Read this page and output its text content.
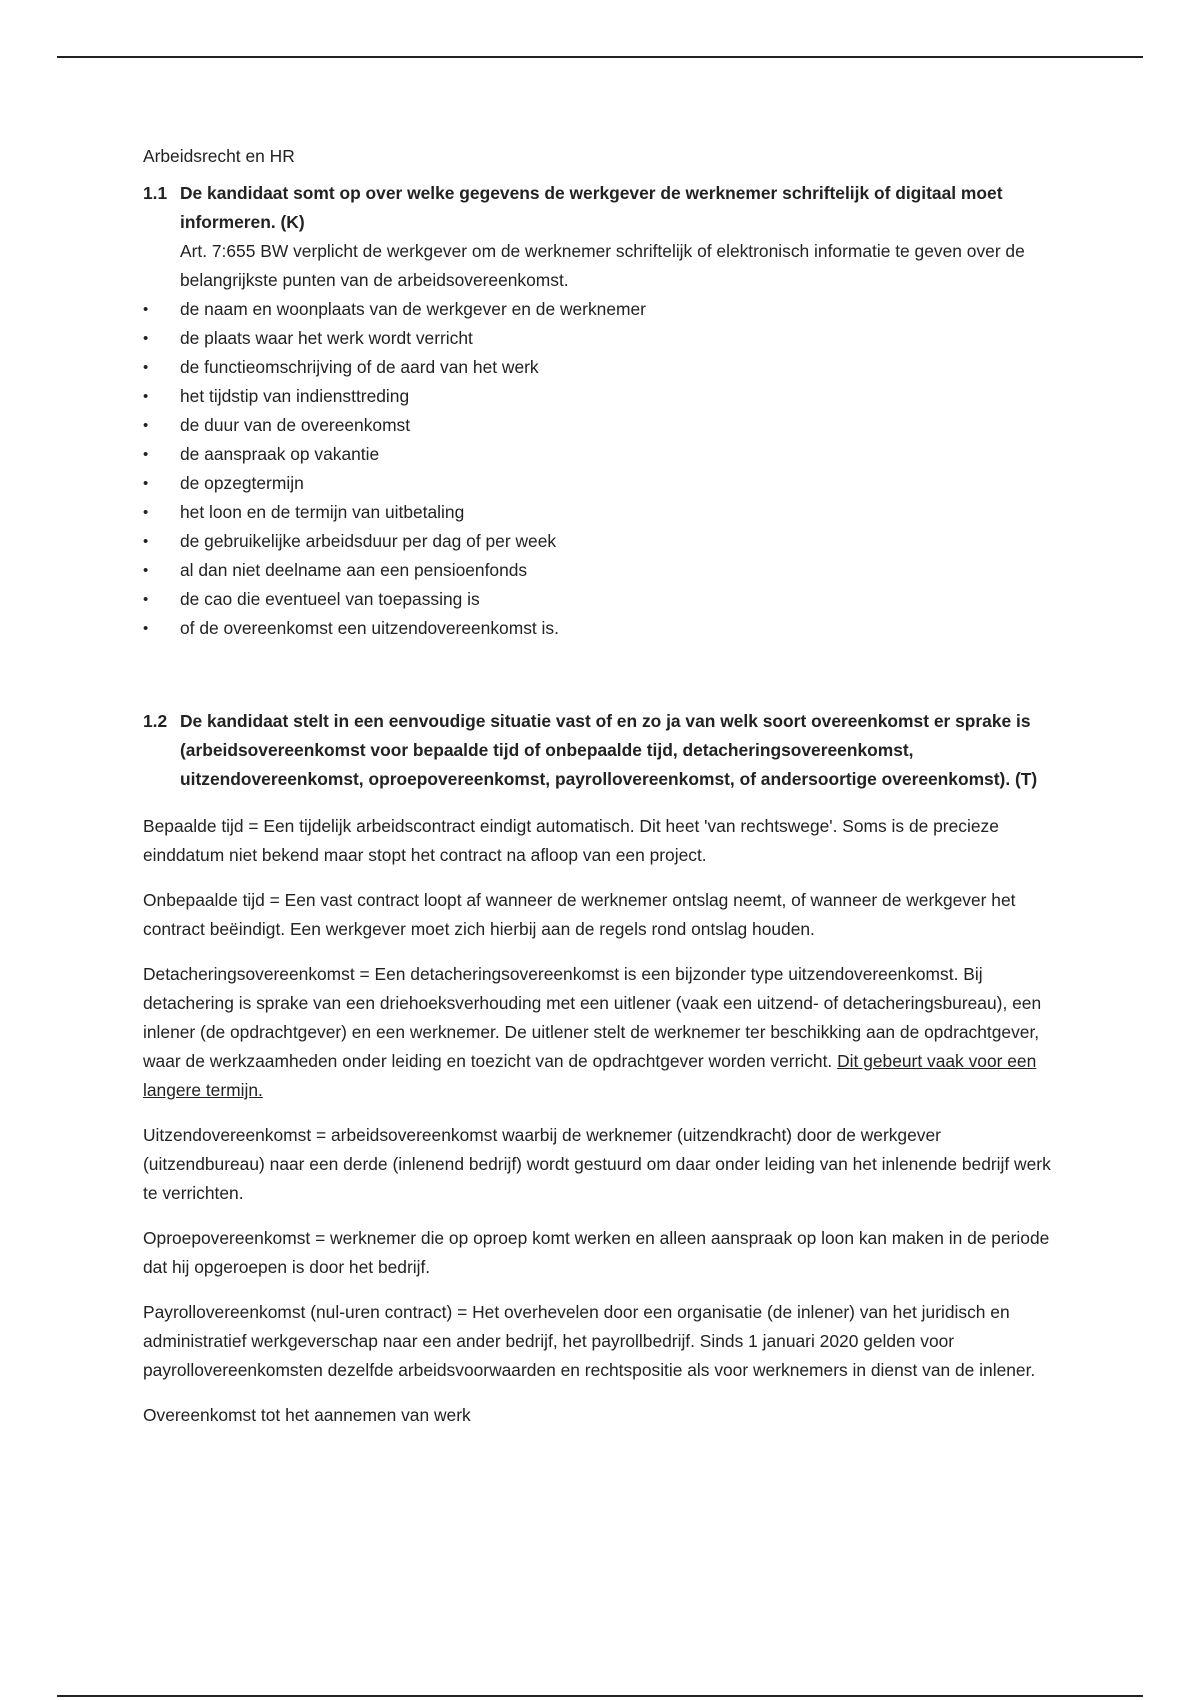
Arbeidsrecht en HR
1.1 De kandidaat somt op over welke gegevens de werkgever de werknemer schriftelijk of digitaal moet informeren. (K)
Art. 7:655 BW verplicht de werkgever om de werknemer schriftelijk of elektronisch informatie te geven over de belangrijkste punten van de arbeidsovereenkomst.
•	de naam en woonplaats van de werkgever en de werknemer
•	de plaats waar het werk wordt verricht
•	de functieomschrijving of de aard van het werk
•	het tijdstip van indiensttreding
•	de duur van de overeenkomst
•	de aanspraak op vakantie
•	de opzegtermijn
•	het loon en de termijn van uitbetaling
•	de gebruikelijke arbeidsduur per dag of per week
•	al dan niet deelname aan een pensioenfonds
•	de cao die eventueel van toepassing is
•	of de overeenkomst een uitzendovereenkomst is.
1.2 De kandidaat stelt in een eenvoudige situatie vast of en zo ja van welk soort overeenkomst er sprake is (arbeidsovereenkomst voor bepaalde tijd of onbepaalde tijd, detacheringsovereenkomst, uitzendovereenkomst, oproepovereenkomst, payrollovereenkomst, of andersoortige overeenkomst). (T)

Bepaalde tijd = Een tijdelijk arbeidscontract eindigt automatisch. Dit heet 'van rechtswege'. Soms is de precieze einddatum niet bekend maar stopt het contract na afloop van een project.

Onbepaalde tijd = Een vast contract loopt af wanneer de werknemer ontslag neemt, of wanneer de werkgever het contract beëindigt. Een werkgever moet zich hierbij aan de regels rond ontslag houden.

Detacheringsovereenkomst = Een detacheringsovereenkomst is een bijzonder type uitzendovereenkomst. Bij detachering is sprake van een driehoeksverhouding met een uitlener (vaak een uitzend- of detacheringsbureau), een inlener (de opdrachtgever) en een werknemer. De uitlener stelt de werknemer ter beschikking aan de opdrachtgever, waar de werkzaamheden onder leiding en toezicht van de opdrachtgever worden verricht. Dit gebeurt vaak voor een langere termijn.

Uitzendovereenkomst = arbeidsovereenkomst waarbij de werknemer (uitzendkracht) door de werkgever (uitzendbureau) naar een derde (inlenend bedrijf) wordt gestuurd om daar onder leiding van het inlenende bedrijf werk te verrichten.

Oproepovereenkomst = werknemer die op oproep komt werken en alleen aanspraak op loon kan maken in de periode dat hij opgeroepen is door het bedrijf.

Payrollovereenkomst (nul-uren contract) = Het overhevelen door een organisatie (de inlener) van het juridisch en administratief werkgeverschap naar een ander bedrijf, het payrollbedrijf. Sinds 1 januari 2020 gelden voor payrollovereenkomsten dezelfde arbeidsvoorwaarden en rechtspositie als voor werknemers in dienst van de inlener.

Overeenkomst tot het aannemen van werk
